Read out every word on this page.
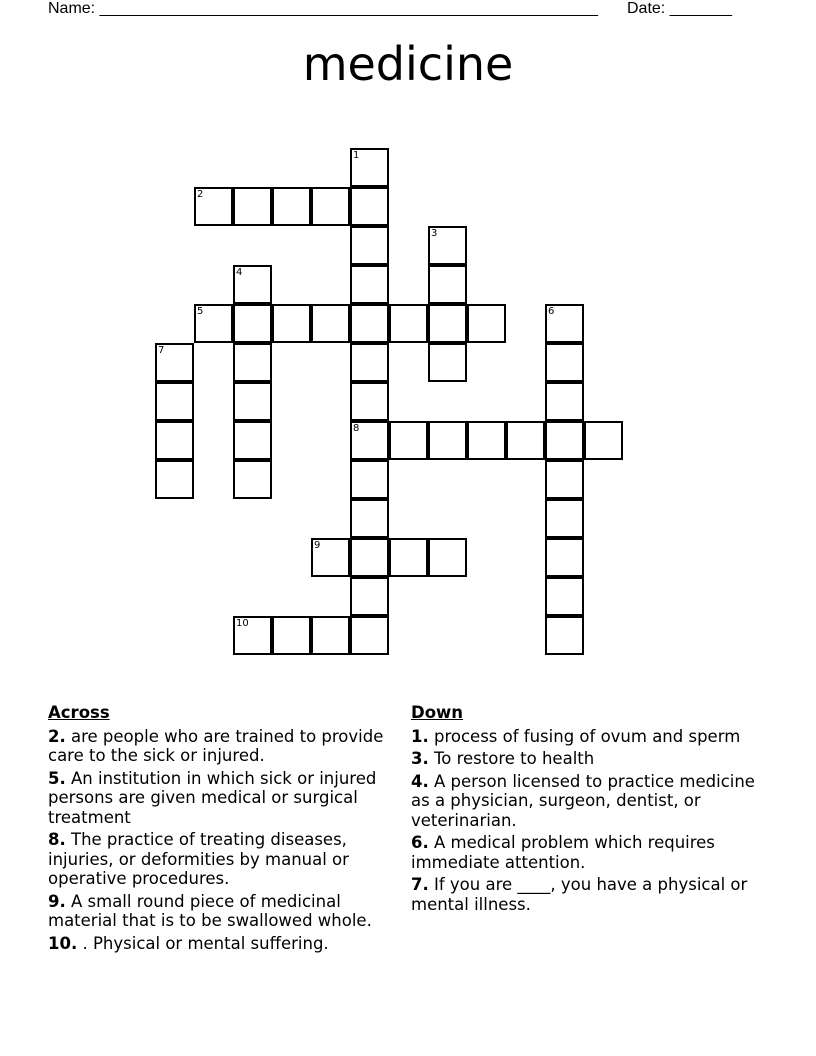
Name: ________________________________________________________ Date: _______
medicine
1
2
3
4
5	6
7
8
9
10
Across
2. are people who are trained to provide care to the sick or injured.
5. An institution in which sick or injured persons are given medical or surgical treatment
8. The practice of treating diseases, injuries, or deformities by manual or operative procedures.
9. A small round piece of medicinal material that is to be swallowed whole.
10. . Physical or mental suffering.
Down
1. process of fusing of ovum and sperm
3. To restore to health
4. A person licensed to practice medicine as a physician, surgeon, dentist, or veterinarian.
6. A medical problem which requires immediate attention.
7. If you are ____, you have a physical or mental illness.
